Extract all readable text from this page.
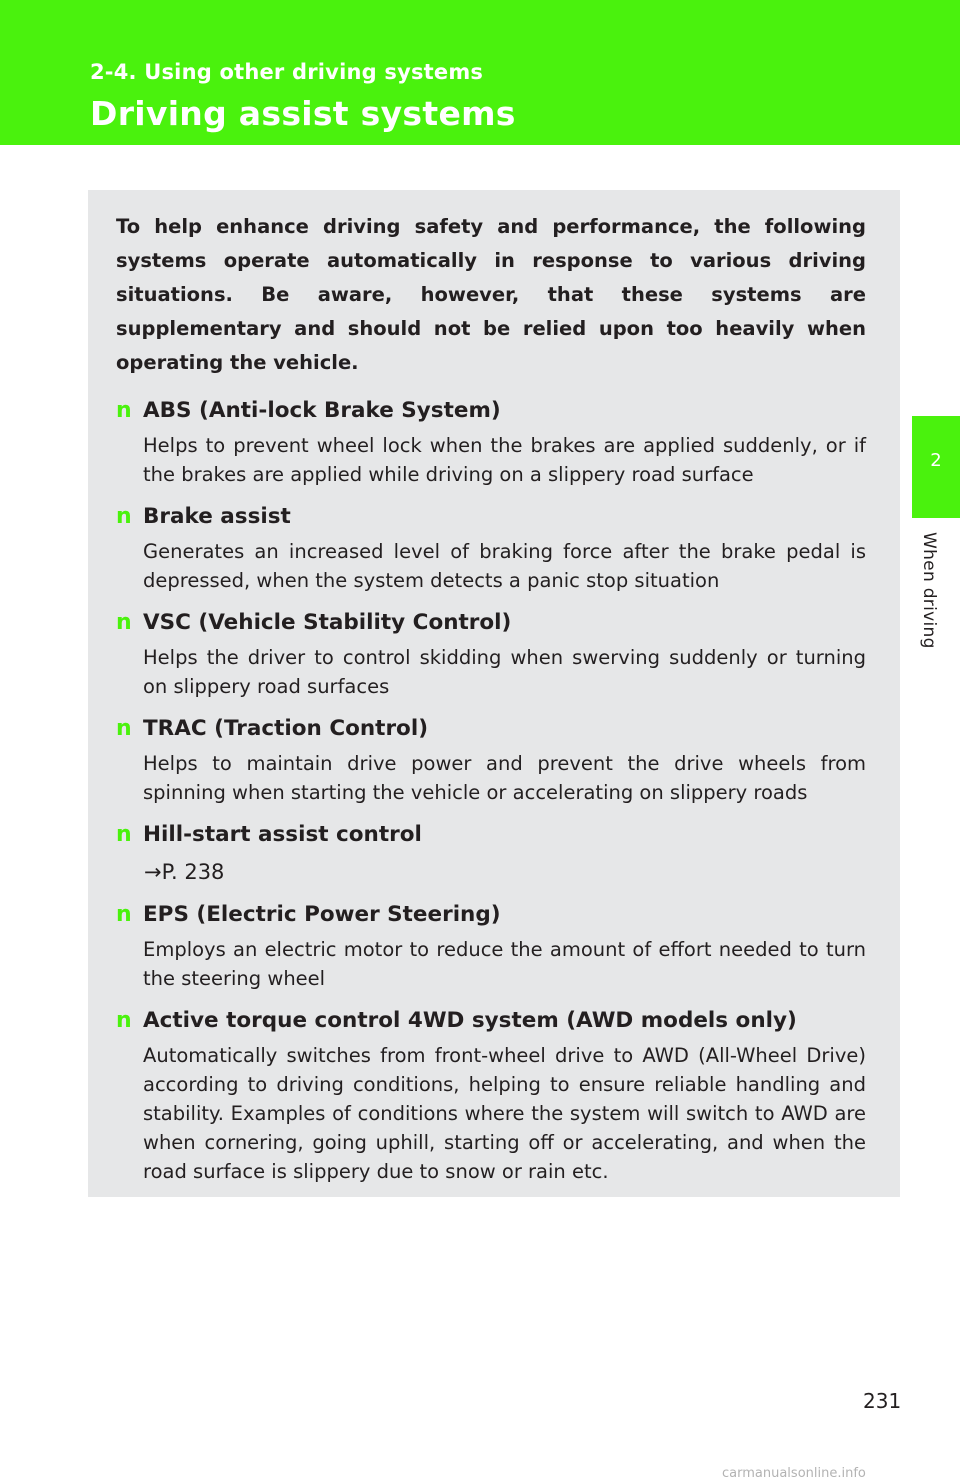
2-4. Using other driving systems
Driving assist systems
2
When driving

To help enhance driving safety and performance, the following systems operate automatically in response to various driving situations. Be aware, however, that these systems are supplementary and should not be relied upon too heavily when operating the vehicle.

n ABS (Anti-lock Brake System)
Helps to prevent wheel lock when the brakes are applied suddenly, or if the brakes are applied while driving on a slippery road surface
n Brake assist
Generates an increased level of braking force after the brake pedal is depressed, when the system detects a panic stop situation
n VSC (Vehicle Stability Control)
Helps the driver to control skidding when swerving suddenly or turning on slippery road surfaces
n TRAC (Traction Control)
Helps to maintain drive power and prevent the drive wheels from spinning when starting the vehicle or accelerating on slippery roads
n Hill-start assist control
→P. 238
n EPS (Electric Power Steering)
Employs an electric motor to reduce the amount of effort needed to turn the steering wheel
n Active torque control 4WD system (AWD models only)
Automatically switches from front-wheel drive to AWD (All-Wheel Drive) according to driving conditions, helping to ensure reliable handling and stability. Examples of conditions where the system will switch to AWD are when cornering, going uphill, starting off or accelerating, and when the road surface is slippery due to snow or rain etc.
231
carmanualsonline.info
